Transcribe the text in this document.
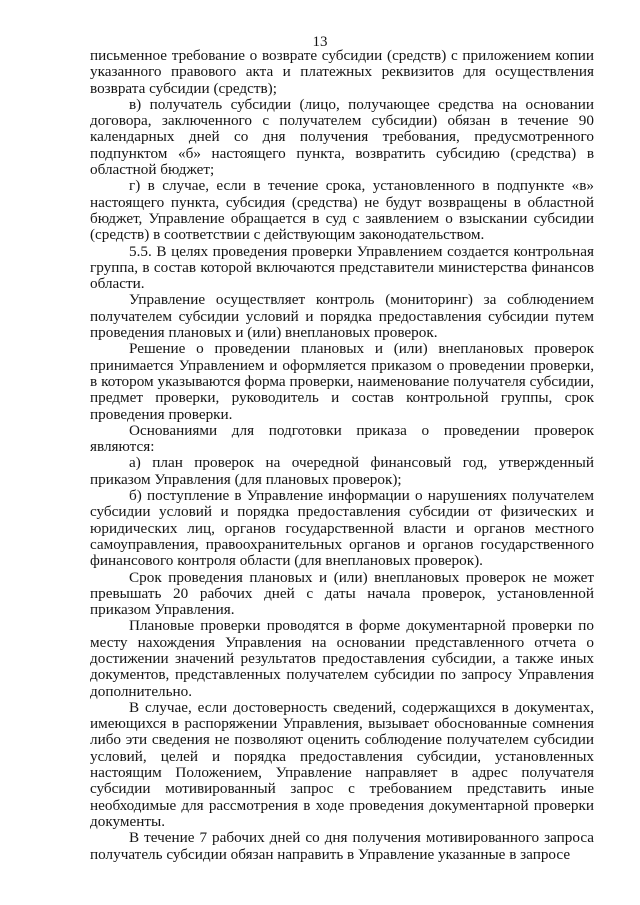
13

письменное требование о возврате субсидии (средств) с приложением копии указанного правового акта и платежных реквизитов для осуществления возврата субсидии (средств);

в) получатель субсидии (лицо, получающее средства на основании договора, заключенного с получателем субсидии) обязан в течение 90 календарных дней со дня получения требования, предусмотренного подпунктом «б» настоящего пункта, возвратить субсидию (средства) в областной бюджет;

г) в случае, если в течение срока, установленного в подпункте «в» настоящего пункта, субсидия (средства) не будут возвращены в областной бюджет, Управление обращается в суд с заявлением о взыскании субсидии (средств) в соответствии с действующим законодательством.

5.5. В целях проведения проверки Управлением создается контрольная группа, в состав которой включаются представители министерства финансов области.

Управление осуществляет контроль (мониторинг) за соблюдением получателем субсидии условий и порядка предоставления субсидии путем проведения плановых и (или) внеплановых проверок.

Решение о проведении плановых и (или) внеплановых проверок принимается Управлением и оформляется приказом о проведении проверки, в котором указываются форма проверки, наименование получателя субсидии, предмет проверки, руководитель и состав контрольной группы, срок проведения проверки.

Основаниями для подготовки приказа о проведении проверок являются:

а) план проверок на очередной финансовый год, утвержденный приказом Управления (для плановых проверок);

б) поступление в Управление информации о нарушениях получателем субсидии условий и порядка предоставления субсидии от физических и юридических лиц, органов государственной власти и органов местного самоуправления, правоохранительных органов и органов государственного финансового контроля области (для внеплановых проверок).

Срок проведения плановых и (или) внеплановых проверок не может превышать 20 рабочих дней с даты начала проверок, установленной приказом Управления.

Плановые проверки проводятся в форме документарной проверки по месту нахождения Управления на основании представленного отчета о достижении значений результатов предоставления субсидии, а также иных документов, представленных получателем субсидии по запросу Управления дополнительно.

В случае, если достоверность сведений, содержащихся в документах, имеющихся в распоряжении Управления, вызывает обоснованные сомнения либо эти сведения не позволяют оценить соблюдение получателем субсидии условий, целей и порядка предоставления субсидии, установленных настоящим Положением, Управление направляет в адрес получателя субсидии мотивированный запрос с требованием представить иные необходимые для рассмотрения в ходе проведения документарной проверки документы.

В течение 7 рабочих дней со дня получения мотивированного запроса получатель субсидии обязан направить в Управление указанные в запросе
